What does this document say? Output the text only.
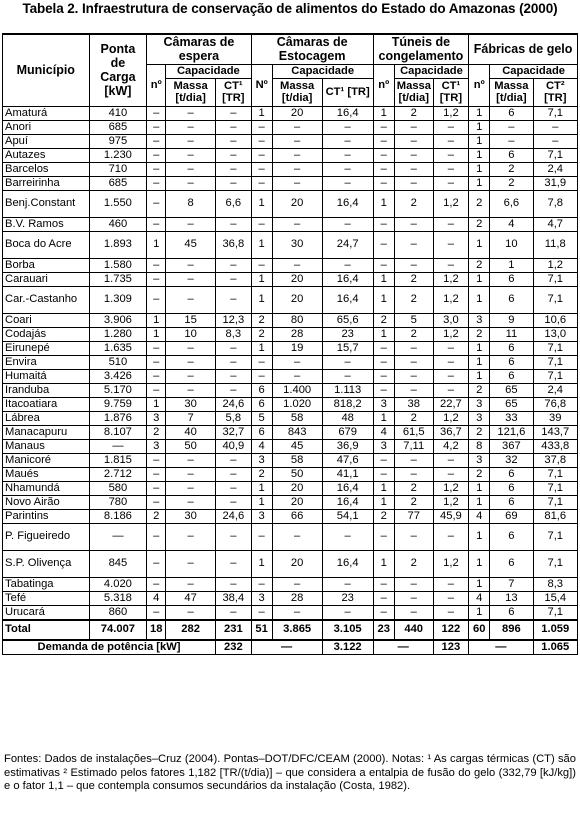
Tabela 2. Infraestrutura de conservação de alimentos do Estado do Amazonas (2000)
Município	Ponta de Carga [kW]	Câmaras de espera			Câmaras de Estocagem			Túneis de congelamento			Fábricas de gelo		
		nº	Capacidade		Nº	Capacidade		nº	Capacidade		nº	Capacidade	
			Massa [t/dia]	CT¹ [TR]		Massa [t/dia]	CT¹ [TR]		Massa [t/dia]	CT¹ [TR]		Massa [t/dia]	CT² [TR]
Amaturá	410	–	–	–	1	20	16,4	1	2	1,2	1	6	7,1
Anori	685	–	–	–	–	–	–	–	–	–	1	–	–
Apuí	975	–	–	–	–	–	–	–	–	–	1	–	–
Autazes	1.230	–	–	–	–	–	–	–	–	–	1	6	7,1
Barcelos	710	–	–	–	–	–	–	–	–	–	1	2	2,4
Barreirinha	685	–	–	–	–	–	–	–	–	–	1	2	31,9
Benj.Constant	1.550	–	8	6,6	1	20	16,4	1	2	1,2	2	6,6	7,8
B.V. Ramos	460	–	–	–	–	–	–	–	–	–	2	4	4,7
Boca do Acre	1.893	1	45	36,8	1	30	24,7	–	–	–	1	10	11,8
Borba	1.580	–	–	–	–	–	–	–	–	–	2	1	1,2
Carauari	1.735	–	–	–	1	20	16,4	1	2	1,2	1	6	7,1
Car.-Castanho	1.309	–	–	–	1	20	16,4	1	2	1,2	1	6	7,1
Coari	3.906	1	15	12,3	2	80	65,6	2	5	3,0	3	9	10,6
Codajás	1.280	1	10	8,3	2	28	23	1	2	1,2	2	11	13,0
Eirunepé	1.635	–	–	–	1	19	15,7	–	–	–	1	6	7,1
Envira	510	–	–	–	–	–	–	–	–	–	1	6	7,1
Humaitá	3.426	–	–	–	–	–	–	–	–	–	1	6	7,1
Iranduba	5.170	–	–	–	6	1.400	1.113	–	–	–	2	65	2,4
Itacoatiara	9.759	1	30	24,6	6	1.020	818,2	3	38	22,7	3	65	76,8
Lábrea	1.876	3	7	5,8	5	58	48	1	2	1,2	3	33	39
Manacapuru	8.107	2	40	32,7	6	843	679	4	61,5	36,7	2	121,6	143,7
Manaus	—	3	50	40,9	4	45	36,9	3	7,11	4,2	8	367	433,8
Manicoré	1.815	–	–	–	3	58	47,6	–	–	–	3	32	37,8
Maués	2.712	–	–	–	2	50	41,1	–	–	–	2	6	7,1
Nhamundá	580	–	–	–	1	20	16,4	1	2	1,2	1	6	7,1
Novo Airão	780	–	–	–	1	20	16,4	1	2	1,2	1	6	7,1
Parintins	8.186	2	30	24,6	3	66	54,1	2	77	45,9	4	69	81,6
P. Figueiredo	—	–	–	–	–	–	–	–	–	–	1	6	7,1
S.P. Olivença	845	–	–	–	1	20	16,4	1	2	1,2	1	6	7,1
Tabatinga	4.020	–	–	–	–	–	–	–	–	–	1	7	8,3
Tefé	5.318	4	47	38,4	3	28	23	–	–	–	4	13	15,4
Urucará	860	–	–	–	–	–	–	–	–	–	1	6	7,1
Total	74.007	18	282	231	51	3.865	3.105	23	440	122	60	896	1.059
Demanda de potência [kW]				232	—		3.122	—		123	—		1.065
Fontes: Dados de instalações–Cruz (2004). Pontas–DOT/DFC/CEAM (2000). Notas: ¹ As cargas térmicas (CT) são estimativas ² Estimado pelos fatores 1,182 [TR/(t/dia)] – que considera a entalpia de fusão do gelo (332,79 [kJ/kg]) e o fator 1,1 – que contempla consumos secundários da instalação (Costa, 1982).
